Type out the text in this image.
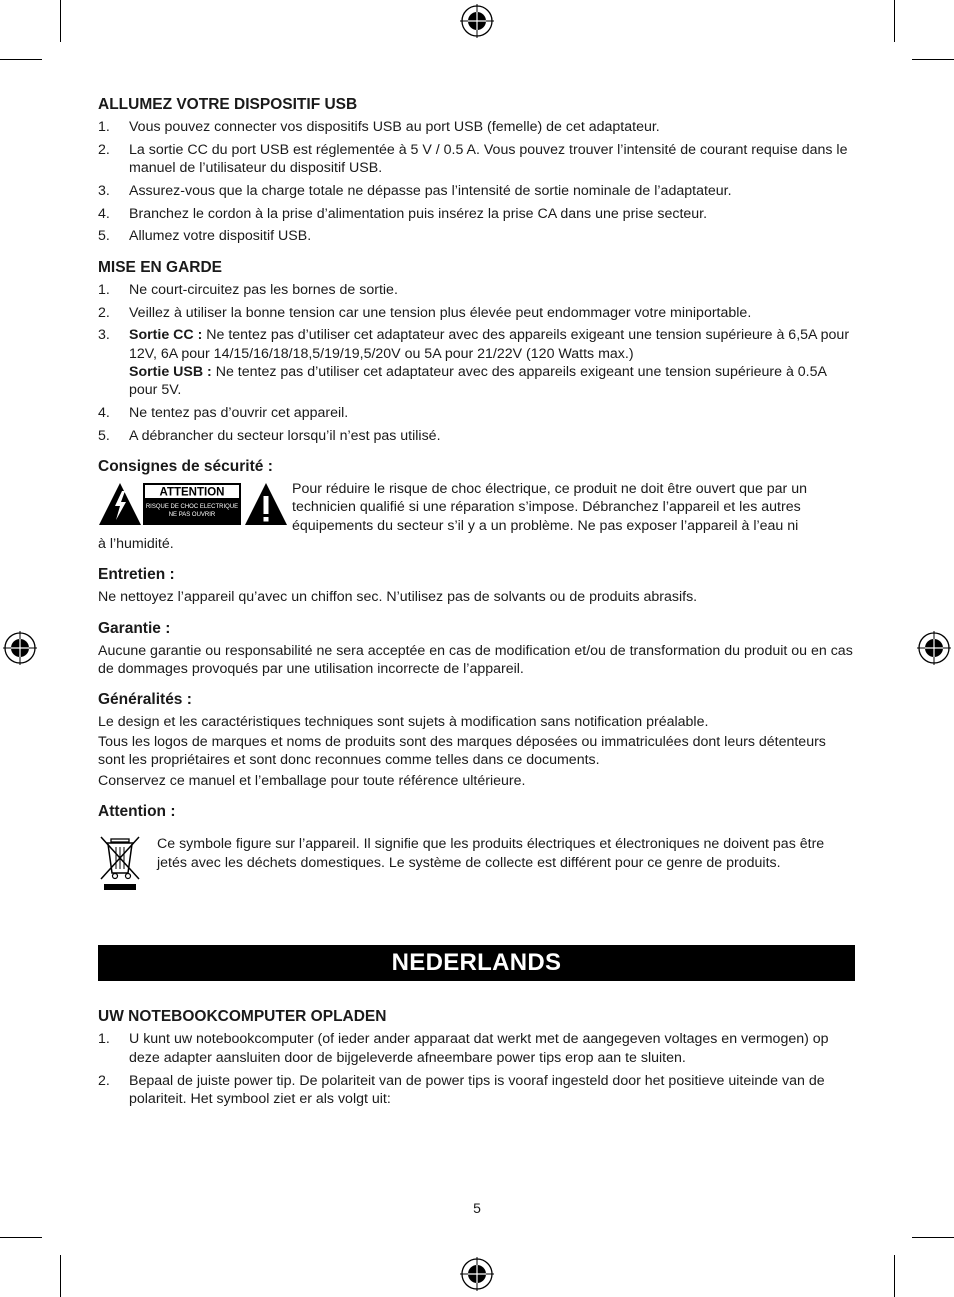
ALLUMEZ VOTRE DISPOSITIF USB
1.	Vous pouvez connecter vos dispositifs USB au port USB (femelle) de cet adaptateur.
2.	La sortie CC du port USB est réglementée à 5 V / 0.5 A. Vous pouvez trouver l’intensité de courant requise dans le manuel de l’utilisateur du dispositif USB.
3.	Assurez-vous que la charge totale ne dépasse pas l’intensité de sortie nominale de l’adaptateur.
4.	Branchez le cordon à la prise d’alimentation puis insérez la prise CA dans une prise secteur.
5.	Allumez votre dispositif USB.
MISE EN GARDE
1.	Ne court-circuitez pas les bornes de sortie.
2.	Veillez à utiliser la bonne tension car une tension plus élevée peut endommager votre miniportable.
3.	Sortie CC : Ne tentez pas d’utiliser cet adaptateur avec des appareils exigeant une tension supérieure à 6,5A pour 12V, 6A pour 14/15/16/18/18,5/19/19,5/20V ou 5A pour 21/22V (120 Watts max.)
Sortie USB : Ne tentez pas d’utiliser cet adaptateur avec des appareils exigeant une tension supérieure à 0.5A pour 5V.
4.	Ne tentez pas d’ouvrir cet appareil.
5.	A débrancher du secteur lorsqu’il n’est pas utilisé.
Consignes de sécurité :
ATTENTION
RISQUE DE CHOC ELECTRIQUE
NE PAS OUVRIR
Pour réduire le risque de choc électrique, ce produit ne doit être ouvert que par un technicien qualifié si une réparation s’impose. Débranchez l’appareil et les autres équipements du secteur s’il y a un problème. Ne pas exposer l’appareil à l’eau ni
à l’humidité.
Entretien :

Ne nettoyez l’appareil qu’avec un chiffon sec. N’utilisez pas de solvants ou de produits abrasifs.

Garantie :

Aucune garantie ou responsabilité ne sera acceptée en cas de modification et/ou de transformation du produit ou en cas de dommages provoqués par une utilisation incorrecte de l’appareil.

Généralités :

Le design et les caractéristiques techniques sont sujets à modification sans notification préalable.

Tous les logos de marques et noms de produits sont des marques déposées ou immatriculées dont leurs détenteurs sont les propriétaires et sont donc reconnues comme telles dans ce documents.

Conservez ce manuel et l’emballage pour toute référence ultérieure.

Attention :
Ce symbole figure sur l’appareil. Il signifie que les produits électriques et électroniques ne doivent pas être jetés avec les déchets domestiques. Le système de collecte est différent pour ce genre de produits.
NEDERLANDS
UW NOTEBOOKCOMPUTER OPLADEN
1.	U kunt uw notebookcomputer (of ieder ander apparaat dat werkt met de aangegeven voltages en vermogen) op deze adapter aansluiten door de bijgeleverde afneembare power tips erop aan te sluiten.
2.	Bepaal de juiste power tip. De polariteit van de power tips is vooraf ingesteld door het positieve uiteinde van de polariteit. Het symbool ziet er als volgt uit:
5
